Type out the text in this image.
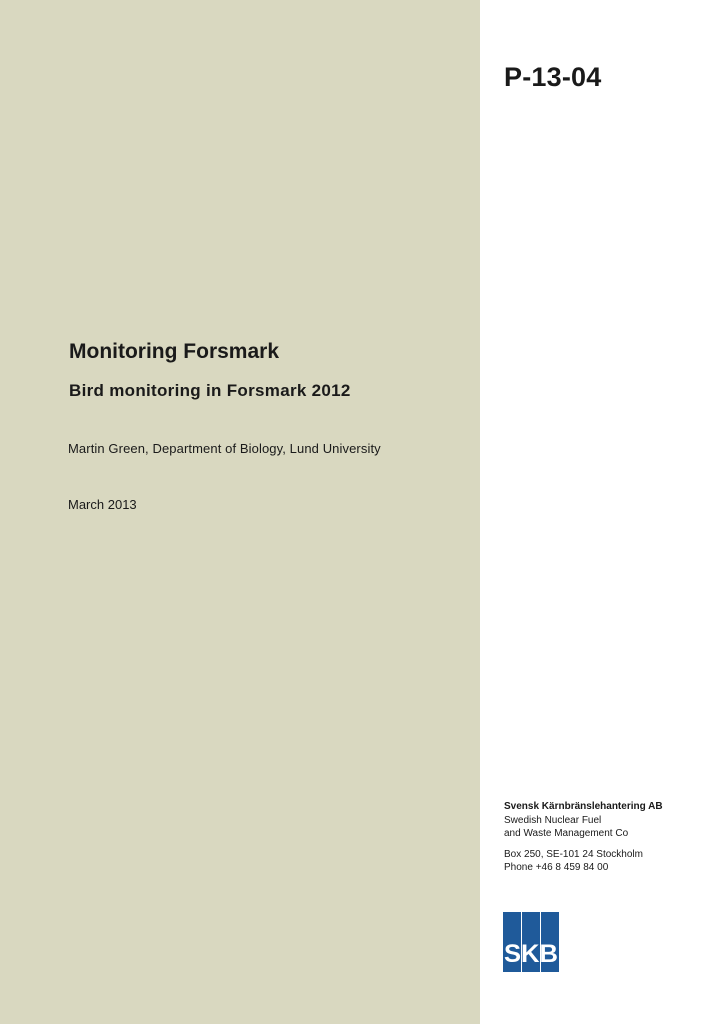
P-13-04
Monitoring Forsmark
Bird monitoring in Forsmark 2012
Martin Green, Department of Biology, Lund University
March 2013
Svensk Kärnbränslehantering AB
Swedish Nuclear Fuel
and Waste Management Co
Box 250, SE-101 24 Stockholm
Phone +46 8 459 84 00
SKB
